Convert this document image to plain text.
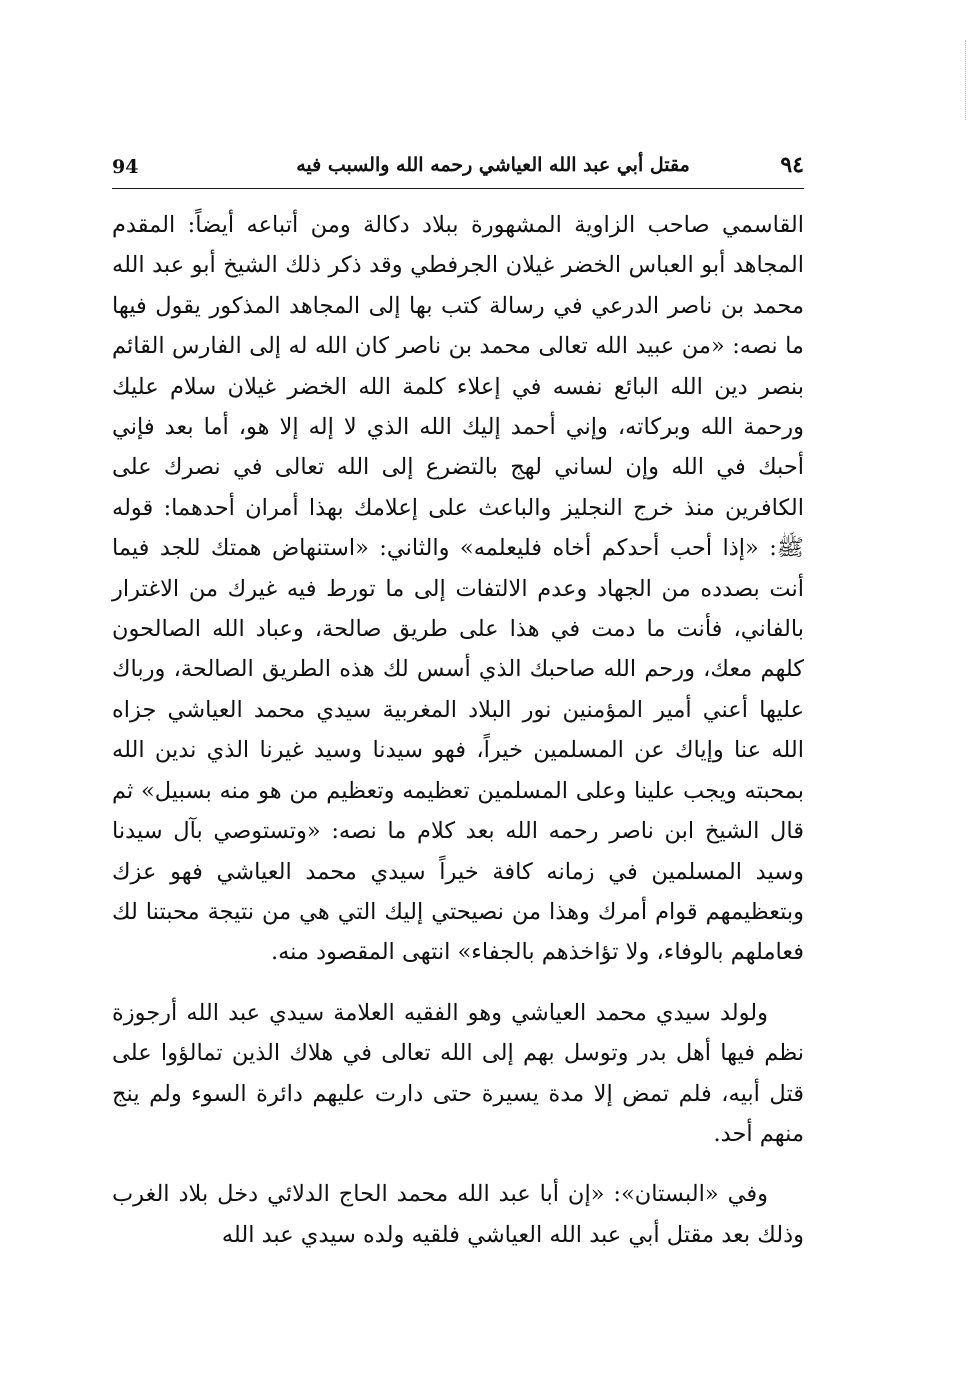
94	مقتل أبي عبد الله العياشي رحمه الله والسبب فيه	٩٤

القاسمي صاحب الزاوية المشهورة ببلاد دكالة ومن أتباعه أيضاً: المقدم المجاهد أبو العباس الخضر غيلان الجرفطي وقد ذكر ذلك الشيخ أبو عبد الله محمد بن ناصر الدرعي في رسالة كتب بها إلى المجاهد المذكور يقول فيها ما نصه: «من عبيد الله تعالى محمد بن ناصر كان الله له إلى الفارس القائم بنصر دين الله البائع نفسه في إعلاء كلمة الله الخضر غيلان سلام عليك ورحمة الله وبركاته، وإني أحمد إليك الله الذي لا إله إلا هو، أما بعد فإني أحبك في الله وإن لساني لهج بالتضرع إلى الله تعالى في نصرك على الكافرين منذ خرج النجليز والباعث على إعلامك بهذا أمران أحدهما: قوله ﷺ: «إذا أحب أحدكم أخاه فليعلمه» والثاني: «استنهاض همتك للجد فيما أنت بصدده من الجهاد وعدم الالتفات إلى ما تورط فيه غيرك من الاغترار بالفاني، فأنت ما دمت في هذا على طريق صالحة، وعباد الله الصالحون كلهم معك، ورحم الله صاحبك الذي أسس لك هذه الطريق الصالحة، ورباك عليها أعني أمير المؤمنين نور البلاد المغربية سيدي محمد العياشي جزاه الله عنا وإياك عن المسلمين خيراً، فهو سيدنا وسيد غيرنا الذي ندين الله بمحبته ويجب علينا وعلى المسلمين تعظيمه وتعظيم من هو منه بسبيل» ثم قال الشيخ ابن ناصر رحمه الله بعد كلام ما نصه: «وتستوصي بآل سيدنا وسيد المسلمين في زمانه كافة خيراً سيدي محمد العياشي فهو عزك وبتعظيمهم قوام أمرك وهذا من نصيحتي إليك التي هي من نتيجة محبتنا لك فعاملهم بالوفاء، ولا تؤاخذهم بالجفاء» انتهى المقصود منه.

ولولد سيدي محمد العياشي وهو الفقيه العلامة سيدي عبد الله أرجوزة نظم فيها أهل بدر وتوسل بهم إلى الله تعالى في هلاك الذين تمالؤوا على قتل أبيه، فلم تمض إلا مدة يسيرة حتى دارت عليهم دائرة السوء ولم ينج منهم أحد.

وفي «البستان»: «إن أبا عبد الله محمد الحاج الدلائي دخل بلاد الغرب وذلك بعد مقتل أبي عبد الله العياشي فلقيه ولده سيدي عبد الله
